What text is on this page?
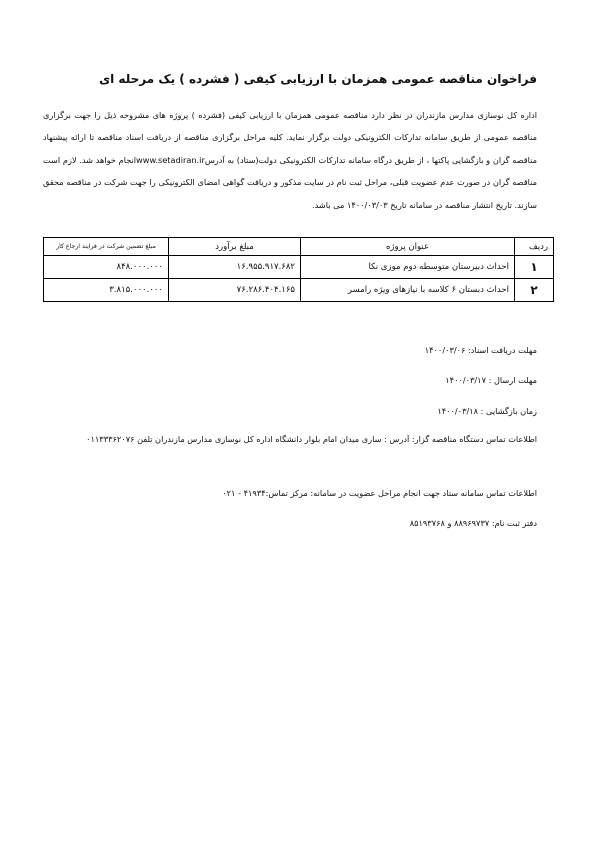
فراخوان مناقصه عمومی همزمان با ارزیابی کیفی ( فشرده ) یک مرحله ای
اداره کل نوسازی مدارس مازندران در نظر دارد مناقصه عمومی همزمان با ارزیابی کیفی (فشرده ) پروژه های مشروحه ذیل را جهت برگزاری مناقصه عمومی از طریق سامانه تدارکات الکترونیکی دولت برگزار نماید. کلیه مراحل برگزاری مناقصه از دریافت اسناد مناقصه تا ارائه پیشنهاد مناقصه گران و بازگشایی پاکتها ، از طریق درگاه سامانه تدارکات الکترونیکی دولت(ستاد) به آدرسwww.setadiran.irانجام خواهد شد. لازم است مناقصه گران در صورت عدم عضویت قبلی، مراحل ثبت نام در سایت مذکور و دریافت گواهی امضای الکترونیکی را جهت شرکت در مناقصه محقق سازند. تاریخ انتشار مناقصه در سامانه تاریخ ۱۴۰۰/۰۳/۰۳ می باشد.
ردیف	عنوان پروژه	مبلغ برآورد	مبلغ تضمین شرکت در فرایند ارجاع کار
۱	احداث دبیرستان متوسطه دوم موزی نکا	۱۶.۹۵۵.۹۱۷.۶۸۲	۸۴۸.۰۰۰.۰۰۰
۲	احداث دبستان ۶ کلاسه با نیازهای ویژه رامسر	۷۶.۲۸۶.۴۰۴.۱۶۵	۳.۸۱۵.۰۰۰.۰۰۰
مهلت دریافت اسناد: ۱۴۰۰/۰۳/۰۶
مهلت ارسال : ۱۴۰۰/۰۳/۱۷
زمان بازگشایی : ۱۴۰۰/۰۳/۱۸
اطلاعات تماس دستگاه مناقصه گزار: آدرس : ساری میدان امام بلوار دانشگاه اداره کل نوسازی مدارس مازندران تلفن ۰۱۱۳۳۳۶۲۰۷۶
اطلاعات تماس سامانه ستاد جهت انجام مراحل عضویت در سامانه: مرکز تماس:۴۱۹۳۴ - ۰۲۱
دفتر ثبت نام: ۸۸۹۶۹۷۳۷ و ۸۵۱۹۳۷۶۸
